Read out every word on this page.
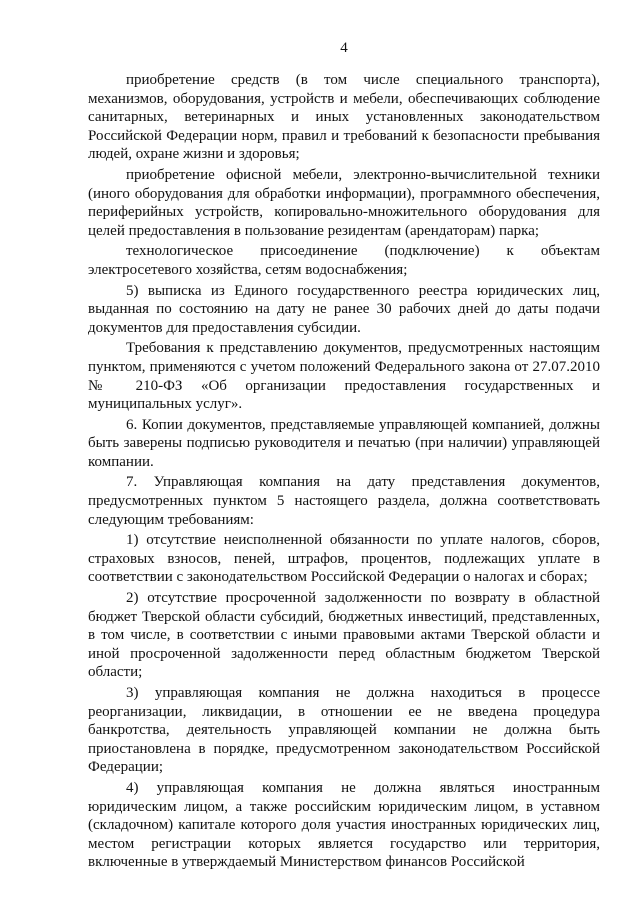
4

приобретение средств (в том числе специального транспорта), механизмов, оборудования, устройств и мебели, обеспечивающих соблюдение санитарных, ветеринарных и иных установленных законодательством Российской Федерации норм, правил и требований к безопасности пребывания людей, охране жизни и здоровья;

приобретение офисной мебели, электронно-вычислительной техники (иного оборудования для обработки информации), программного обеспечения, периферийных устройств, копировально-множительного оборудования для целей предоставления в пользование резидентам (арендаторам) парка;

технологическое присоединение (подключение) к объектам электросетевого хозяйства, сетям водоснабжения;

5) выписка из Единого государственного реестра юридических лиц, выданная по состоянию на дату не ранее 30 рабочих дней до даты подачи документов для предоставления субсидии.

Требования к представлению документов, предусмотренных настоящим пунктом, применяются с учетом положений Федерального закона от 27.07.2010 № 210-ФЗ «Об организации предоставления государственных и муниципальных услуг».

6. Копии документов, представляемые управляющей компанией, должны быть заверены подписью руководителя и печатью (при наличии) управляющей компании.

7. Управляющая компания на дату представления документов, предусмотренных пунктом 5 настоящего раздела, должна соответствовать следующим требованиям:

1) отсутствие неисполненной обязанности по уплате налогов, сборов, страховых взносов, пеней, штрафов, процентов, подлежащих уплате в соответствии с законодательством Российской Федерации о налогах и сборах;

2) отсутствие просроченной задолженности по возврату в областной бюджет Тверской области субсидий, бюджетных инвестиций, представленных, в том числе, в соответствии с иными правовыми актами Тверской области и иной просроченной задолженности перед областным бюджетом Тверской области;

3) управляющая компания не должна находиться в процессе реорганизации, ликвидации, в отношении ее не введена процедура банкротства, деятельность управляющей компании не должна быть приостановлена в порядке, предусмотренном законодательством Российской Федерации;

4) управляющая компания не должна являться иностранным юридическим лицом, а также российским юридическим лицом, в уставном (складочном) капитале которого доля участия иностранных юридических лиц, местом регистрации которых является государство или территория, включенные в утверждаемый Министерством финансов Российской
